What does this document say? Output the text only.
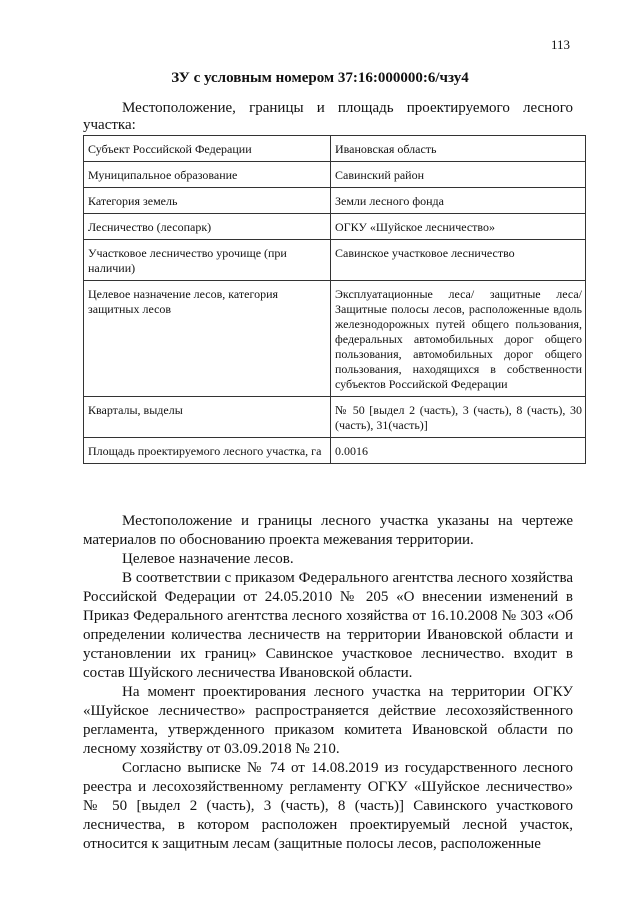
113
ЗУ с условным номером 37:16:000000:6/чзу4
Местоположение, границы и площадь проектируемого лесного участка:
Субъект Российской Федерации	Ивановская область
Муниципальное образование	Савинский район
Категория земель	Земли лесного фонда
Лесничество (лесопарк)	ОГКУ «Шуйское лесничество»
Участковое лесничество урочище (при наличии)	Савинское участковое лесничество
Целевое назначение лесов, категория защитных лесов	Эксплуатационные леса/ защитные леса/ Защитные полосы лесов, расположенные вдоль железнодорожных путей общего пользования, федеральных автомобильных дорог общего пользования, автомобильных дорог общего пользования, находящихся в собственности субъектов Российской Федерации
Кварталы, выделы	№ 50 [выдел 2 (часть), 3 (часть), 8 (часть), 30 (часть), 31(часть)]
Площадь проектируемого лесного участка, га	0.0016

Местоположение и границы лесного участка указаны на чертеже материалов по обоснованию проекта межевания территории.

Целевое назначение лесов.

В соответствии с приказом Федерального агентства лесного хозяйства Российской Федерации от 24.05.2010 № 205 «О внесении изменений в Приказ Федерального агентства лесного хозяйства от 16.10.2008 № 303 «Об определении количества лесничеств на территории Ивановской области и установлении их границ» Савинское участковое лесничество. входит в состав Шуйского лесничества Ивановской области.

На момент проектирования лесного участка на территории ОГКУ «Шуйское лесничество» распространяется действие лесохозяйственного регламента, утвержденного приказом комитета Ивановской области по лесному хозяйству от 03.09.2018 № 210.

Согласно выписке № 74 от 14.08.2019 из государственного лесного реестра и лесохозяйственному регламенту ОГКУ «Шуйское лесничество» № 50 [выдел 2 (часть), 3 (часть), 8 (часть)] Савинского участкового лесничества, в котором расположен проектируемый лесной участок, относится к защитным лесам (защитные полосы лесов, расположенные
